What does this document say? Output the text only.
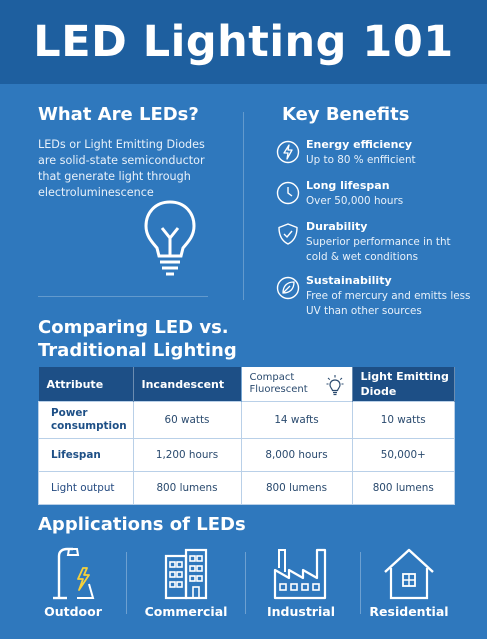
LED Lighting 101
What Are LEDs?

LEDs or Light Emitting Diodes
are solid-state semiconductor
that generate light through
electroluminescence

Key Benefits
Energy efficiency
Up to 80 % enfficient
Long lifespan
Over 50,000 hours
Durability
Superior performance in tht cold & wet conditions
Sustainability
Free of mercury and emitts less UV than other sources
Comparing LED vs.
Traditional Lighting
Attribute	Incandescent	Compact Fluorescent	Light Emitting Diode
Power consumption	60 watts	14 wafts	10 watts
Lifespan	1,200 hours	8,000 hours	50,000+
Light output	800 lumens	800 lumens	800 lumens
Applications of LEDs
Outdoor	Commercial	Industrial	Residential
